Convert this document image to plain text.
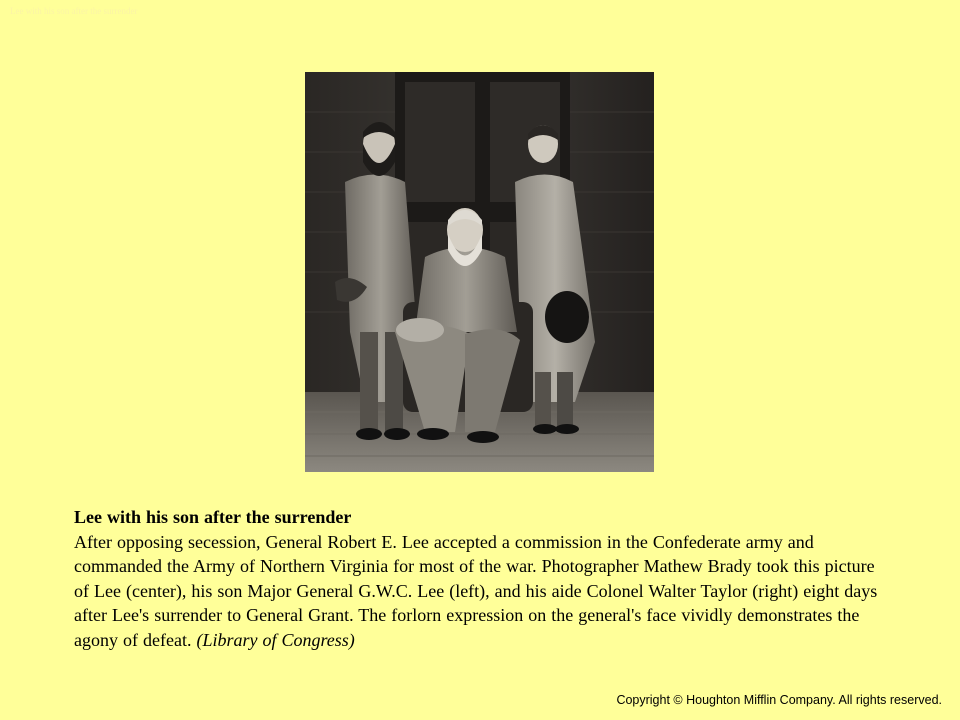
Lee with his son after the surrender
Lee with his son after the surrender
After opposing secession, General Robert E. Lee accepted a commission in the Confederate army and commanded the Army of Northern Virginia for most of the war. Photographer Mathew Brady took this picture of Lee (center), his son Major General G.W.C. Lee (left), and his aide Colonel Walter Taylor (right) eight days after Lee's surrender to General Grant. The forlorn expression on the general's face vividly demonstrates the agony of defeat. (Library of Congress)
Copyright © Houghton Mifflin Company. All rights reserved.
